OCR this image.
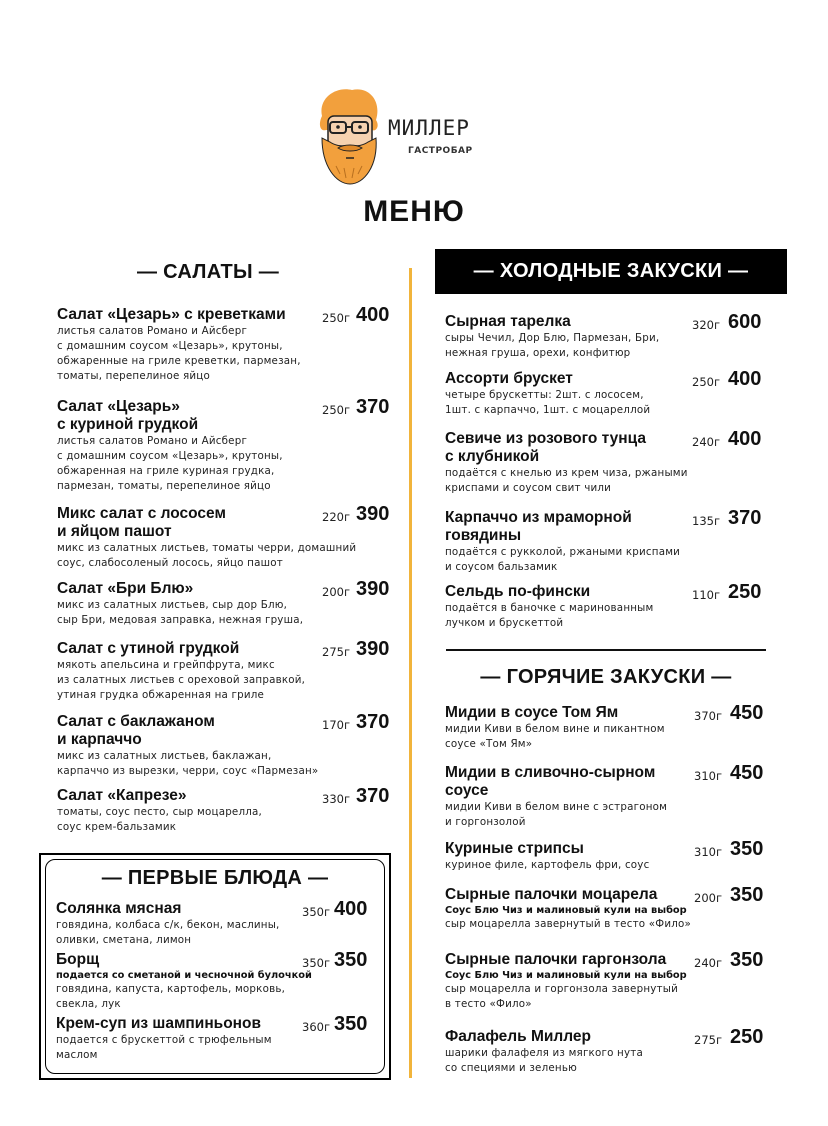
МИЛЛЕР
ГАСТРОБАР
МЕНЮ
— САЛАТЫ —	— ХОЛОДНЫЕ ЗАКУСКИ —
— ГОРЯЧИЕ ЗАКУСКИ —
— ПЕРВЫЕ БЛЮДА —
Салат «Цезарь» с креветками
листья салатов Романо и Айсберг
с домашним соусом «Цезарь», крутоны,
обжаренные на гриле креветки, пармезан,
томаты, перепелиное яйцо
250г 400
Салат «Цезарь»
с куриной грудкой
листья салатов Романо и Айсберг
с домашним соусом «Цезарь», крутоны,
обжаренная на гриле куриная грудка,
пармезан, томаты, перепелиное яйцо
250г 370
Микс салат с лососем
и яйцом пашот
микс из салатных листьев, томаты черри, домашний
соус, слабосоленый лосось, яйцо пашот
220г 390
Салат «Бри Блю»
микс из салатных листьев, сыр дор Блю,
сыр Бри, медовая заправка, нежная груша,
200г 390
Салат с утиной грудкой
мякоть апельсина и грейпфрута, микс
из салатных листьев с ореховой заправкой,
утиная грудка обжаренная на гриле
275г 390
Салат с баклажаном
и карпаччо
микс из салатных листьев, баклажан,
карпаччо из вырезки, черри, соус «Пармезан»
170г 370
Салат «Капрезе»
томаты, соус песто, сыр моцарелла,
соус крем-бальзамик
330г 370
Солянка мясная
говядина, колбаса с/к, бекон, маслины,
оливки, сметана, лимон
350г 400
Борщ
подается со сметаной и чесночной булочкой
говядина, капуста, картофель, морковь,
свекла, лук
350г 350
Крем-суп из шампиньонов
подается с бруcкеттой с трюфельным
маслом
360г 350
Сырная тарелка
сыры Чечил, Дор Блю, Пармезан, Бри,
нежная груша, орехи, конфитюр
320г 600
Ассорти брускет
четыре брускетты: 2шт. с лососем,
1шт. с карпаччо, 1шт. с моцареллой
250г 400
Севиче из розового тунца
с клубникой
подаётся с кнелью из крем чиза, ржаными
криспами и соусом свит чили
240г 400
Карпаччо из мраморной
говядины
подаётся с рукколой, ржаными криспами
и соусом бальзамик
135г 370
Сельдь по-фински
подаётся в баночке с маринованным
лучком и бруcкеттой
110г 250
Мидии в соусе Том Ям
мидии Киви в белом вине и пикантном
соусе «Том Ям»
370г 450
Мидии в сливочно-сырном
соусе
мидии Киви в белом вине с эстрагоном
и горгонзолой
310г 450
Куриные стрипсы
куриное филе, картофель фри, соус
310г 350
Сырные палочки моцарела
Соус Блю Чиз и малиновый кули на выбор
сыр моцарелла завернутый в тесто «Фило»
200г 350
Сырные палочки гаргонзола
Соус Блю Чиз и малиновый кули на выбор
сыр моцарелла и горгонзола завернутый
в тесто «Фило»
240г 350
Фалафель Миллер
шарики фалафеля из мягкого нута
со специями и зеленью
275г 250
